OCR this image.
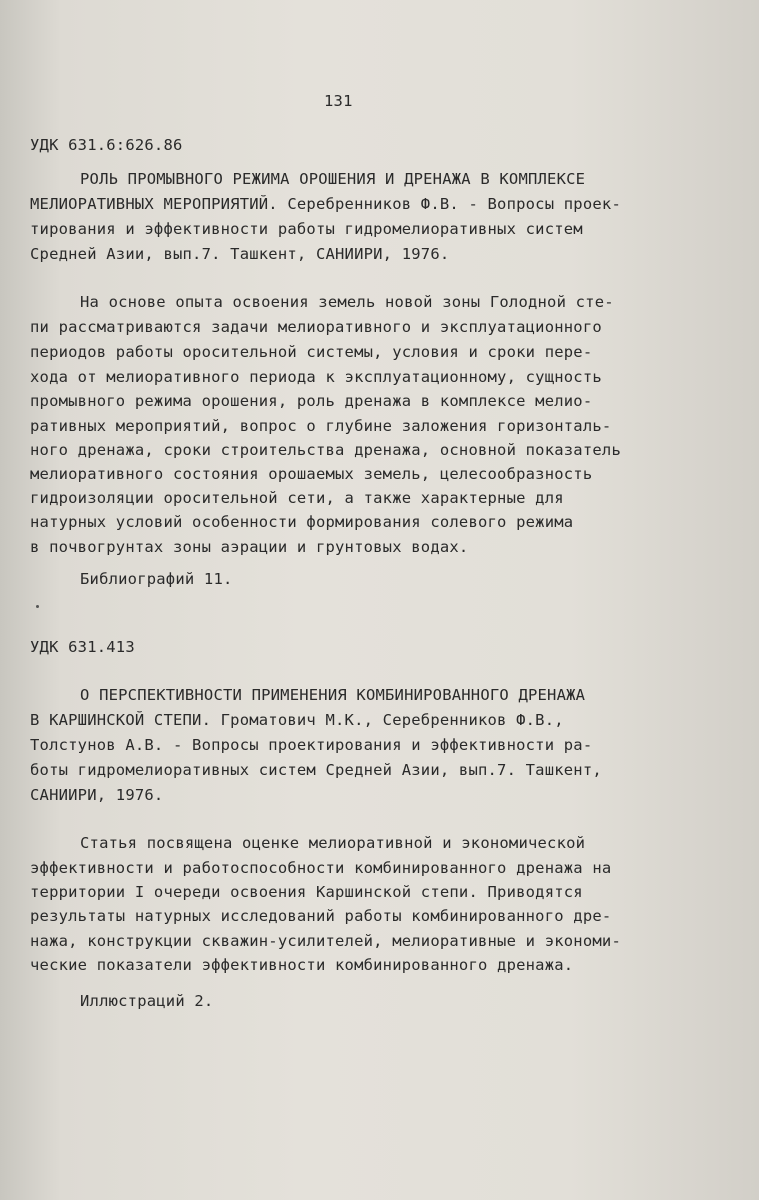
131
УДК 631.6:626.86
РОЛЬ ПРОМЫВНОГО РЕЖИМА ОРОШЕНИЯ И ДРЕНАЖА В КОМПЛЕКСЕ
МЕЛИОРАТИВНЫХ МЕРОПРИЯТИЙ. Серебренников Ф.В. - Вопросы проек-
тирования и эффективности работы гидромелиоративных систем
Средней Азии, вып.7. Ташкент, САНИИРИ, 1976.
На основе опыта освоения земель новой зоны Голодной сте-
пи рассматриваются задачи мелиоративного и эксплуатационного
периодов работы оросительной системы, условия и сроки пере-
хода от мелиоративного периода к эксплуатационному, сущность
промывного режима орошения, роль дренажа в комплексе мелио-
ративных мероприятий, вопрос о глубине заложения горизонталь-
ного дренажа, сроки строительства дренажа, основной показатель
мелиоративного состояния орошаемых земель, целесообразность
гидроизоляции оросительной сети, а также характерные для
натурных условий особенности формирования солевого режима
в почвогрунтах зоны аэрации и грунтовых водах.
Библиографий 11.
УДК 631.413
О ПЕРСПЕКТИВНОСТИ ПРИМЕНЕНИЯ КОМБИНИРОВАННОГО ДРЕНАЖА
В КАРШИНСКОЙ СТЕПИ. Громатович М.К., Серебренников Ф.В.,
Толстунов А.В. - Вопросы проектирования и эффективности ра-
боты гидромелиоративных систем Средней Азии, вып.7. Ташкент,
САНИИРИ, 1976.
Статья посвящена оценке мелиоративной и экономической
эффективности и работоспособности комбинированного дренажа на
территории I очереди освоения Каршинской степи. Приводятся
результаты натурных исследований работы комбинированного дре-
нажа, конструкции скважин-усилителей, мелиоративные и экономи-
ческие показатели эффективности комбинированного дренажа.
Иллюстраций 2.
